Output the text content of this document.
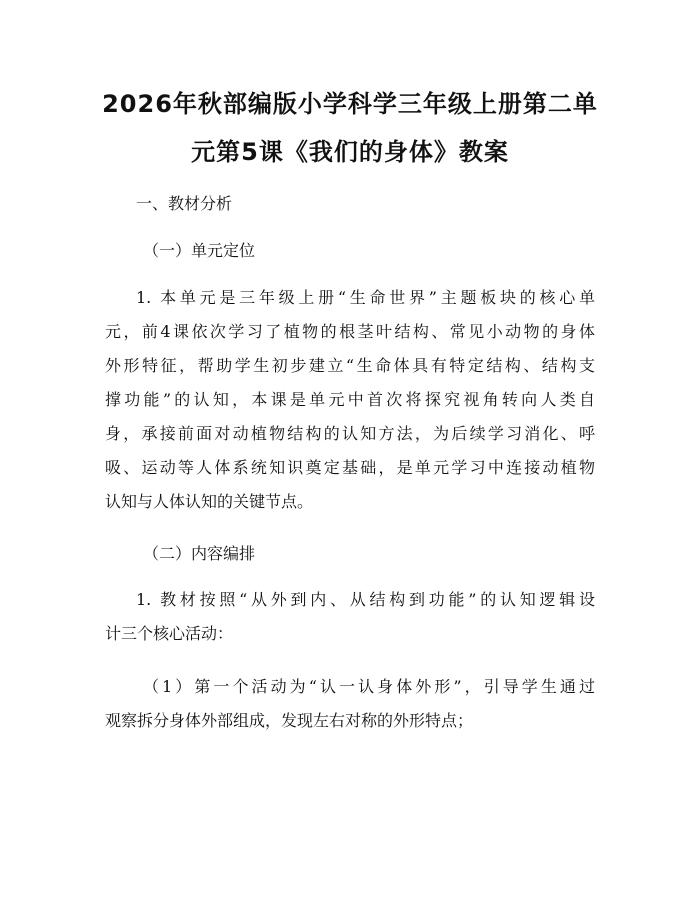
2026年秋部编版小学科学三年级上册第二单
元第5课《我们的身体》教案

一、教材分析

（一）单元定位

1. 本单元是三年级上册“生命世界”主题板块的核心单

元，前4课依次学习了植物的根茎叶结构、常见小动物的身体

外形特征，帮助学生初步建立“生命体具有特定结构、结构支

撑功能”的认知，本课是单元中首次将探究视角转向人类自

身，承接前面对动植物结构的认知方法，为后续学习消化、呼

吸、运动等人体系统知识奠定基础，是单元学习中连接动植物

认知与人体认知的关键节点。

（二）内容编排

1. 教材按照“从外到内、从结构到功能”的认知逻辑设

计三个核心活动：

（1）第一个活动为“认一认身体外形”，引导学生通过

观察拆分身体外部组成，发现左右对称的外形特点；
